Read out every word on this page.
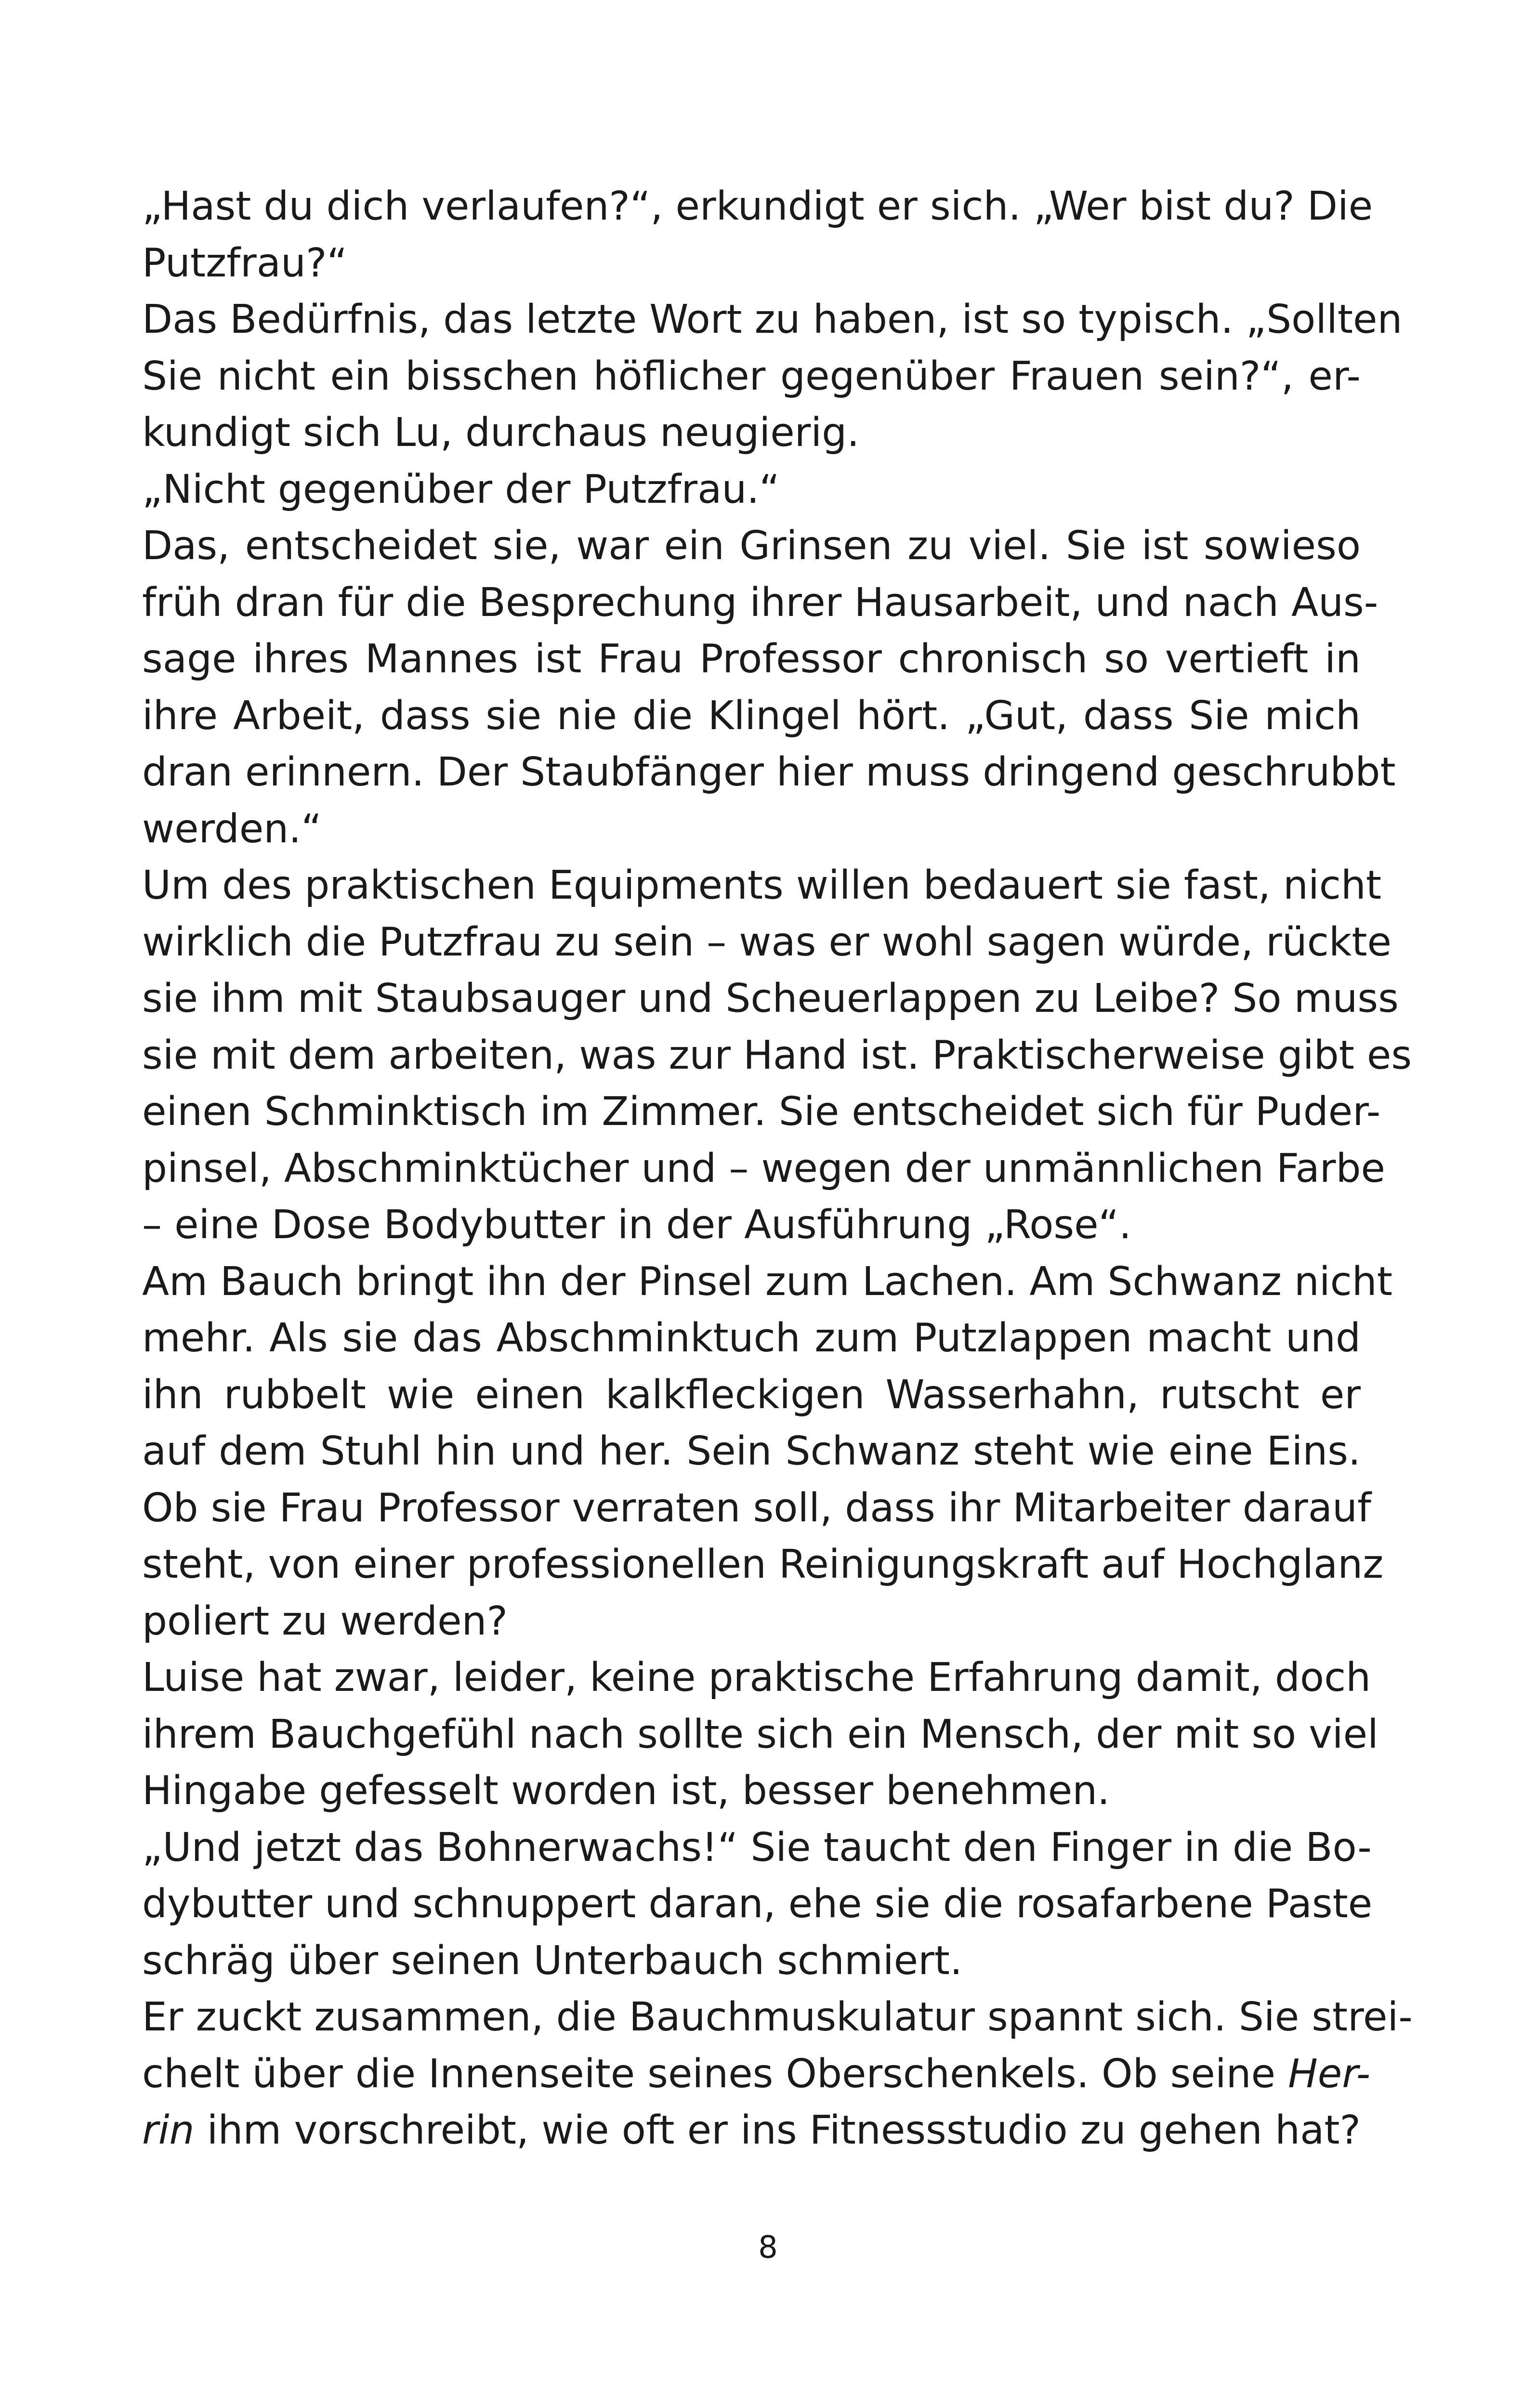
„Hast du dich verlaufen?“, erkundigt er sich. „Wer bist du? Die
Putzfrau?“
Das Bedürfnis, das letzte Wort zu haben, ist so typisch. „Sollten
Sie nicht ein bisschen höflicher gegenüber Frauen sein?“, er-
kundigt sich Lu, durchaus neugierig.
„Nicht gegenüber der Putzfrau.“
Das, entscheidet sie, war ein Grinsen zu viel. Sie ist sowieso
früh dran für die Besprechung ihrer Hausarbeit, und nach Aus-
sage ihres Mannes ist Frau Professor chronisch so vertieft in
ihre Arbeit, dass sie nie die Klingel hört. „Gut, dass Sie mich
dran erinnern. Der Staubfänger hier muss dringend geschrubbt
werden.“
Um des praktischen Equipments willen bedauert sie fast, nicht
wirklich die Putzfrau zu sein – was er wohl sagen würde, rückte
sie ihm mit Staubsauger und Scheuerlappen zu Leibe? So muss
sie mit dem arbeiten, was zur Hand ist. Praktischerweise gibt es
einen Schminktisch im Zimmer. Sie entscheidet sich für Puder-
pinsel, Abschminktücher und – wegen der unmännlichen Farbe
– eine Dose Bodybutter in der Ausführung „Rose“.
Am Bauch bringt ihn der Pinsel zum Lachen. Am Schwanz nicht
mehr. Als sie das Abschminktuch zum Putzlappen macht und
ihn rubbelt wie einen kalkfleckigen Wasserhahn, rutscht er
auf dem Stuhl hin und her. Sein Schwanz steht wie eine Eins.
Ob sie Frau Professor verraten soll, dass ihr Mitarbeiter darauf
steht, von einer professionellen Reinigungskraft auf Hochglanz
poliert zu werden?
Luise hat zwar, leider, keine praktische Erfahrung damit, doch
ihrem Bauchgefühl nach sollte sich ein Mensch, der mit so viel
Hingabe gefesselt worden ist, besser benehmen.
„Und jetzt das Bohnerwachs!“ Sie taucht den Finger in die Bo-
dybutter und schnuppert daran, ehe sie die rosafarbene Paste
schräg über seinen Unterbauch schmiert.
Er zuckt zusammen, die Bauchmuskulatur spannt sich. Sie strei-
chelt über die Innenseite seines Oberschenkels. Ob seine Her-
rin ihm vorschreibt, wie oft er ins Fitnessstudio zu gehen hat?
8
